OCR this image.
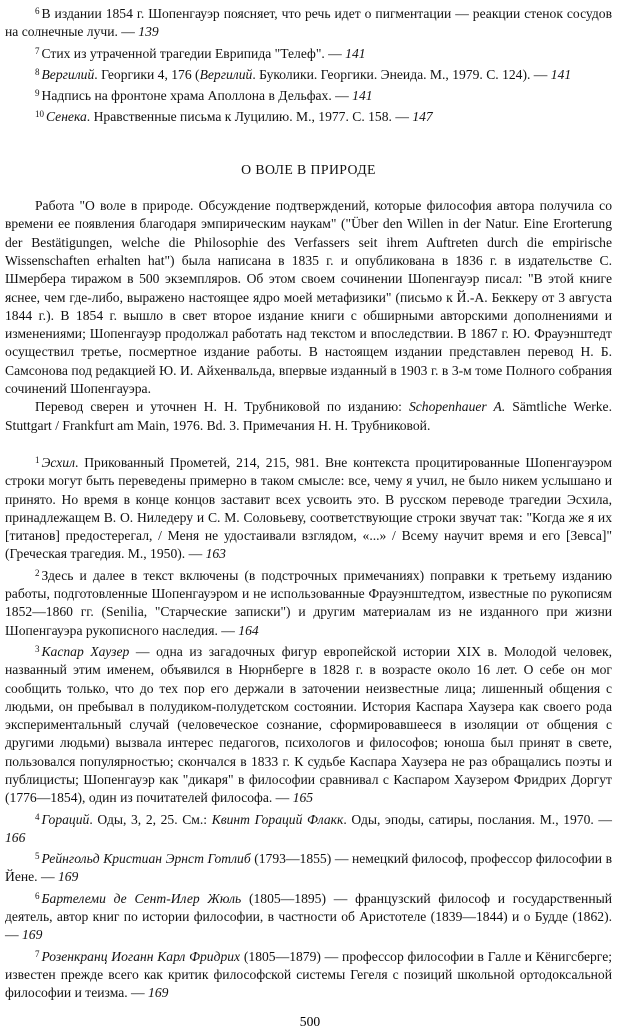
$^6$ В издании 1854 г. Шопенгауэр поясняет, что речь идет о пигментации — реакции стенок сосудов на солнечные лучи. — 139

$^7$ Стих из утраченной трагедии Еврипида "Телеф". — 141

$^8$ Вергилий. Георгики 4, 176 (Вергилий. Буколики. Георгики. Энеида. М., 1979. С. 124). — 141

$^9$ Надпись на фронтоне храма Аполлона в Дельфах. — 141

$^{10}$ Сенека. Нравственные письма к Луцилию. М., 1977. С. 158. — 147

О ВОЛЕ В ПРИРОДЕ

Работа "О воле в природе. Обсуждение подтверждений, которые философия автора получила со времени ее появления благодаря эмпирическим наукам" ("Über den Willen in der Natur. Eine Erorterung der Bestätigungen, welche die Philosophie des Verfassers seit ihrem Auftreten durch die empirische Wissenschaften erhalten hat") была написана в 1835 г. и опубликована в 1836 г. в издательстве С. Шмербера тиражом в 500 экземпляров. Об этом своем сочинении Шопенгауэр писал: "В этой книге яснее, чем где-либо, выражено настоящее ядро моей метафизики" (письмо к Й.-А. Беккеру от 3 августа 1844 г.). В 1854 г. вышло в свет второе издание книги с обширными авторскими дополнениями и изменениями; Шопенгауэр продолжал работать над текстом и впоследствии. В 1867 г. Ю. Фрауэнштедт осуществил третье, посмертное издание работы. В настоящем издании представлен перевод Н. Б. Самсонова под редакцией Ю. И. Айхенвальда, впервые изданный в 1903 г. в 3-м томе Полного собрания сочинений Шопенгауэра.

Перевод сверен и уточнен Н. Н. Трубниковой по изданию: Schopenhauer A. Sämtliche Werke. Stuttgart / Frankfurt am Main, 1976. Bd. 3. Примечания Н. Н. Трубниковой.

$^1$ Эсхил. Прикованный Прометей, 214, 215, 981. Вне контекста процитированные Шопенгауэром строки могут быть переведены примерно в таком смысле: все, чему я учил, не было никем услышано и принято. Но время в конце концов заставит всех усвоить это. В русском переводе трагедии Эсхила, принадлежащем В. О. Ниледеру и С. М. Соловьеву, соответствующие строки звучат так: "Когда же я их [титанов] предостерегал, / Меня не удостаивали взглядом, «...» / Всему научит время и его [Зевса]" (Греческая трагедия. М., 1950). — 163

$^2$ Здесь и далее в текст включены (в подстрочных примечаниях) поправки к третьему изданию работы, подготовленные Шопенгауэром и не использованные Фрауэнштедтом, известные по рукописям 1852—1860 гг. (Senilia, "Старческие записки") и другим материалам из не изданного при жизни Шопенгауэра рукописного наследия. — 164

$^3$ Каспар Хаузер — одна из загадочных фигур европейской истории XIX в. Молодой человек, названный этим именем, объявился в Нюрнберге в 1828 г. в возрасте около 16 лет. О себе он мог сообщить только, что до тех пор его держали в заточении неизвестные лица; лишенный общения с людьми, он пребывал в полудиком-полудетском состоянии. История Каспара Хаузера как своего рода экспериментальный случай (человеческое сознание, сформировавшееся в изоляции от общения с другими людьми) вызвала интерес педагогов, психологов и философов; юноша был принят в свете, пользовался популярностью; скончался в 1833 г. К судьбе Каспара Хаузера не раз обращались поэты и публицисты; Шопенгауэр как "дикаря" в философии сравнивал с Каспаром Хаузером Фридрих Доргут (1776—1854), один из почитателей философа. — 165

$^4$ Гораций. Оды, 3, 2, 25. См.: Квинт Гораций Флакк. Оды, эподы, сатиры, послания. М., 1970. — 166

$^5$ Рейнгольд Кристиан Эрнст Готлиб (1793—1855) — немецкий философ, профессор философии в Йене. — 169

$^6$ Бартелеми де Сент-Илер Жюль (1805—1895) — французский философ и государственный деятель, автор книг по истории философии, в частности об Аристотеле (1839—1844) и о Будде (1862). — 169

$^7$ Розенкранц Иоганн Карл Фридрих (1805—1879) — профессор философии в Галле и Кёнигсберге; известен прежде всего как критик философской системы Гегеля с позиций школьной ортодоксальной философии и теизма. — 169

500
